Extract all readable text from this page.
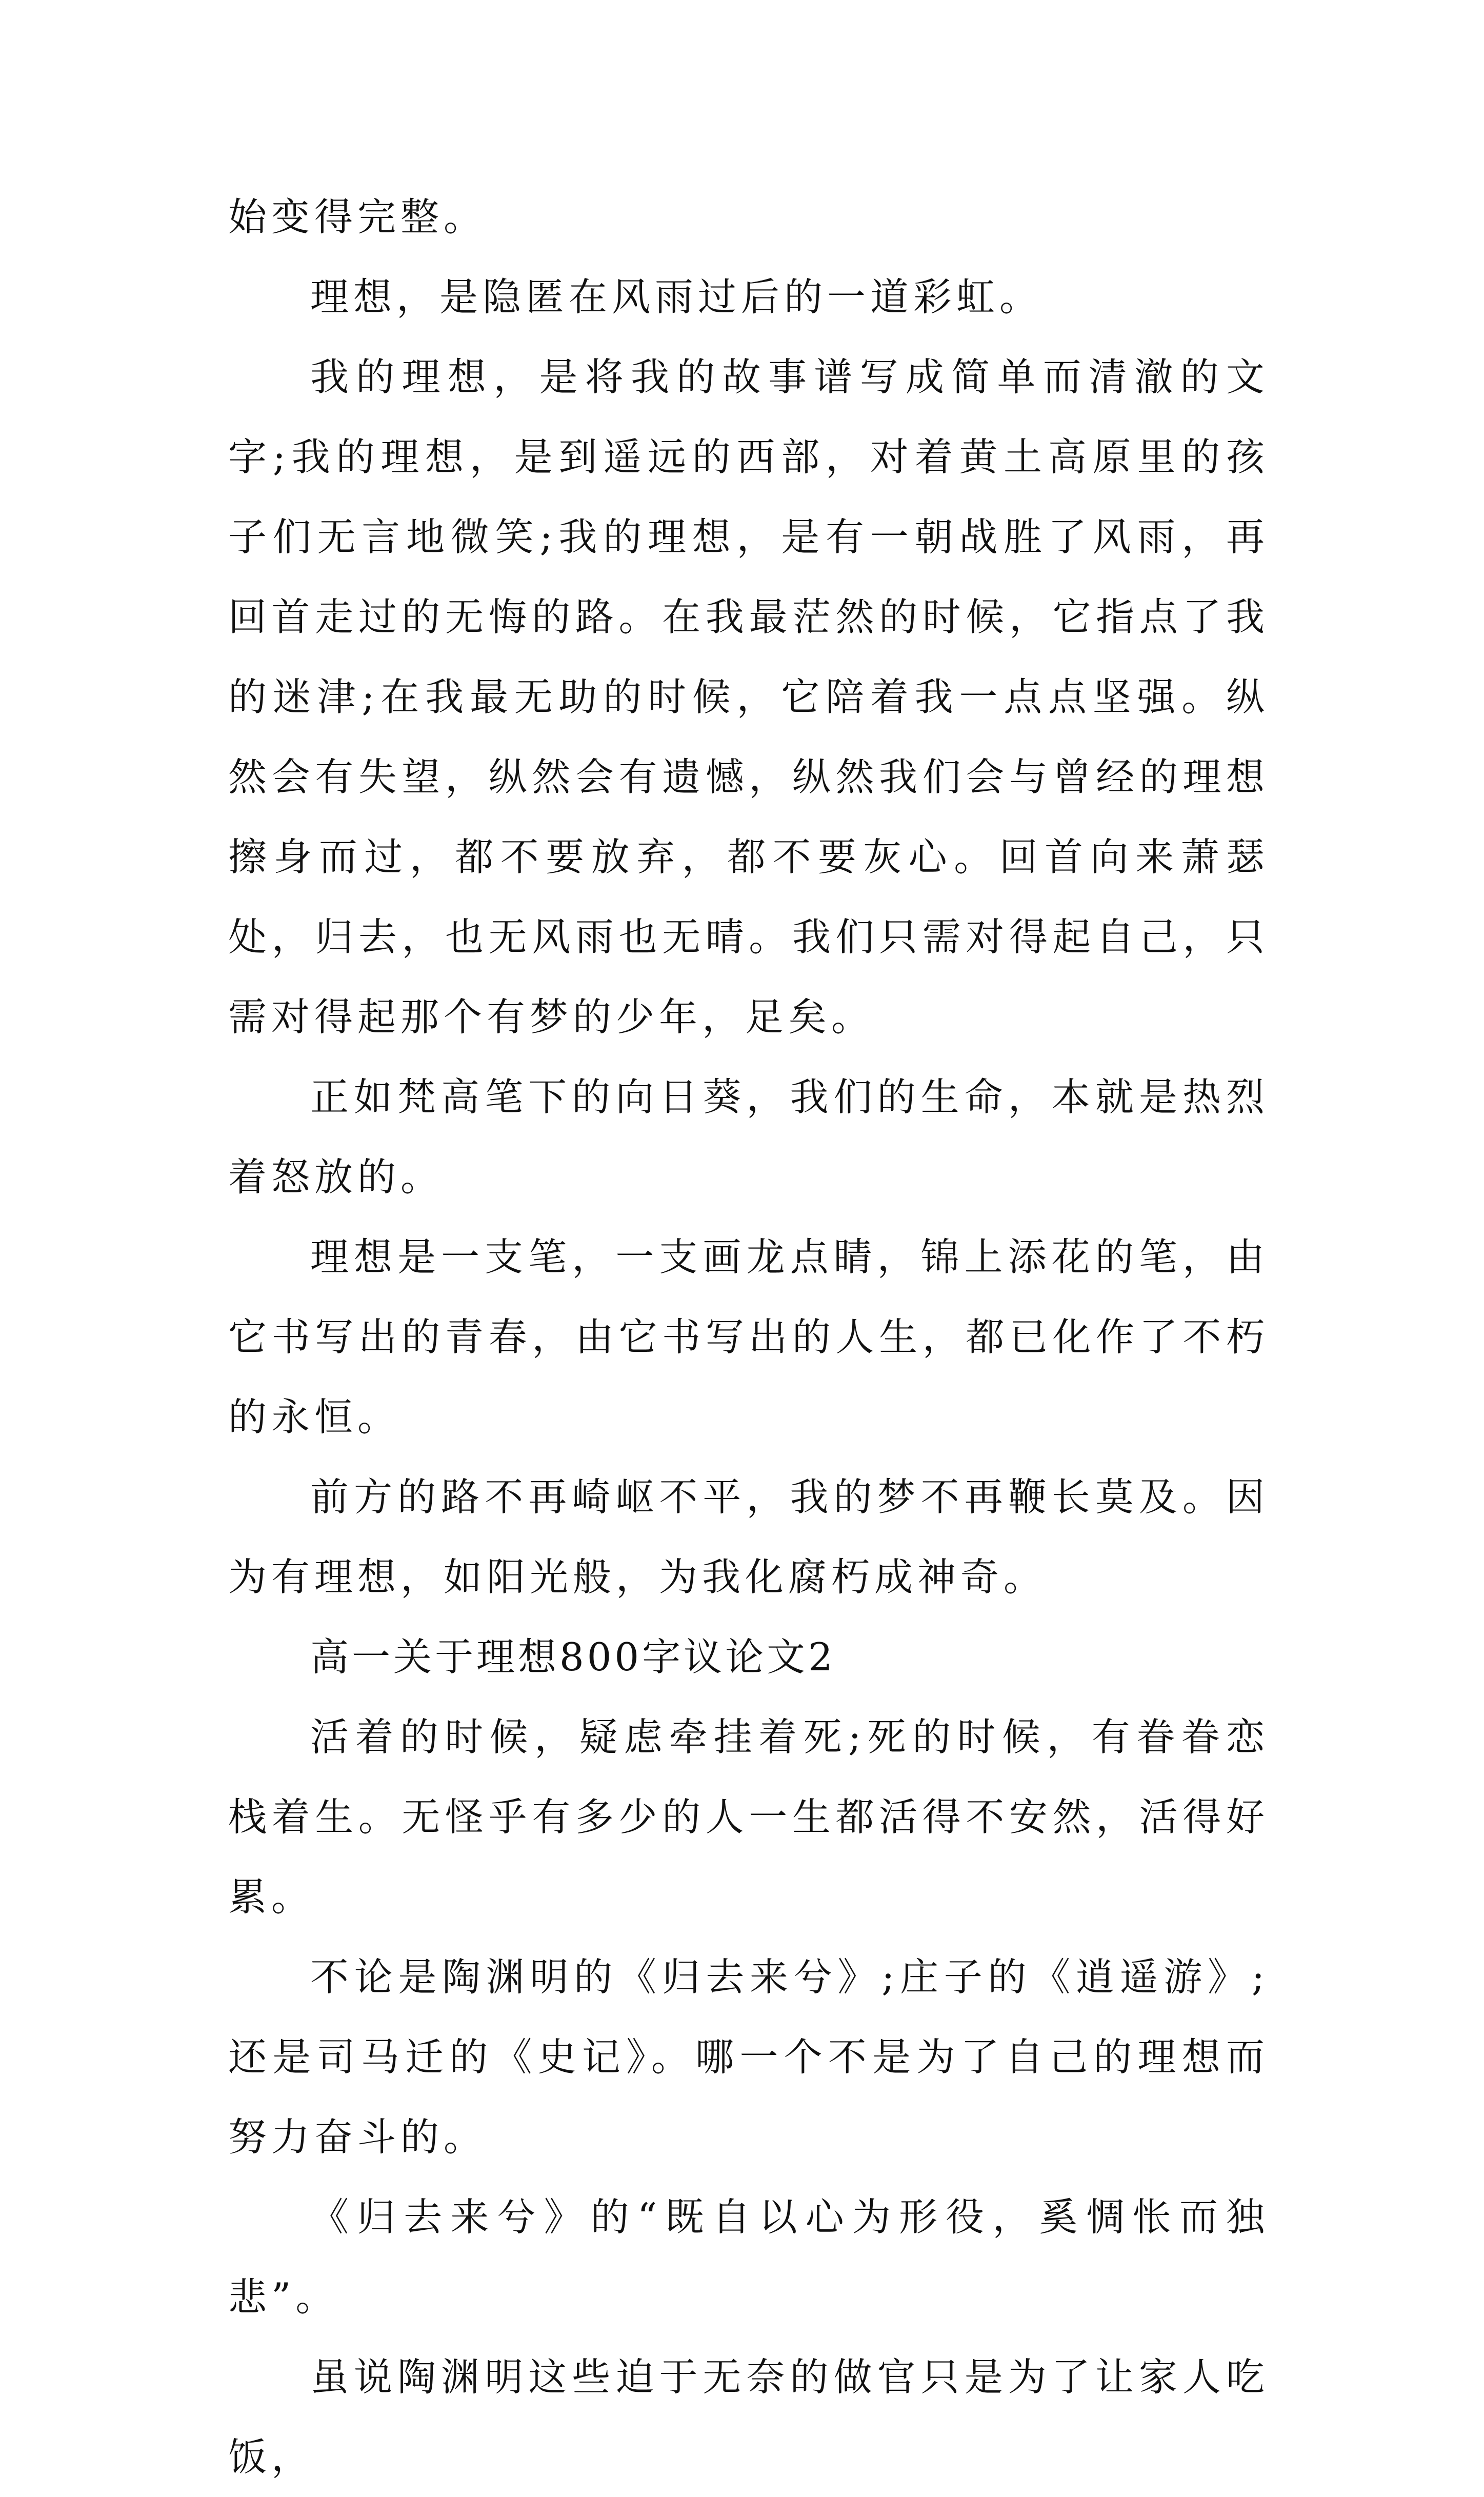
始变得完整。

理想，是隐匿在风雨过后的一道彩虹。

我的理想，是将我的故事谱写成简单而清澈的文字;我的理想，是到遥远的西部，对着黄土高原里的孩子们无言地微笑;我的理想，是有一朝战胜了风雨，再回首走过的无悔的路。在我最茫然的时候，它指点了我的迷津;在我最无助的时候，它陪着我一点点坚强。纵然会有失望，纵然会有遗憾，纵然我们会与曾经的理想擦身而过，都不要放弃，都不要灰心。回首向来萧瑟处，归去，也无风雨也无晴。我们只需对得起自己，只需对得起那个有梦的少年，足矣。

正如梵高笔下的向日葵，我们的生命，本就是热烈着怒放的。

理想是一支笔，一支画龙点睛，锦上添花的笔，由它书写出的青春，由它书写出的人生，都已化作了不朽的永恒。

前方的路不再崎岖不平，我的梦不再鞭长莫及。因为有理想，如阳光般，为我化腐朽成神奇。

高一关于理想800字议论文2

活着的时候，疑虑牵挂着死;死的时候，有眷眷恋栈着生。无怪乎有多少的人一生都活得不安然，活得好累。

不论是陶渊明的《归去来兮》;庄子的《逍遥游》;还是司马迁的《史记》。哪一个不是为了自己的理想而努力奋斗的。

《归去来兮》的“既自以心为形役，奚惆怅而独悲”。

虽说陶渊明这些迫于无奈的做官只是为了让家人吃饭，
